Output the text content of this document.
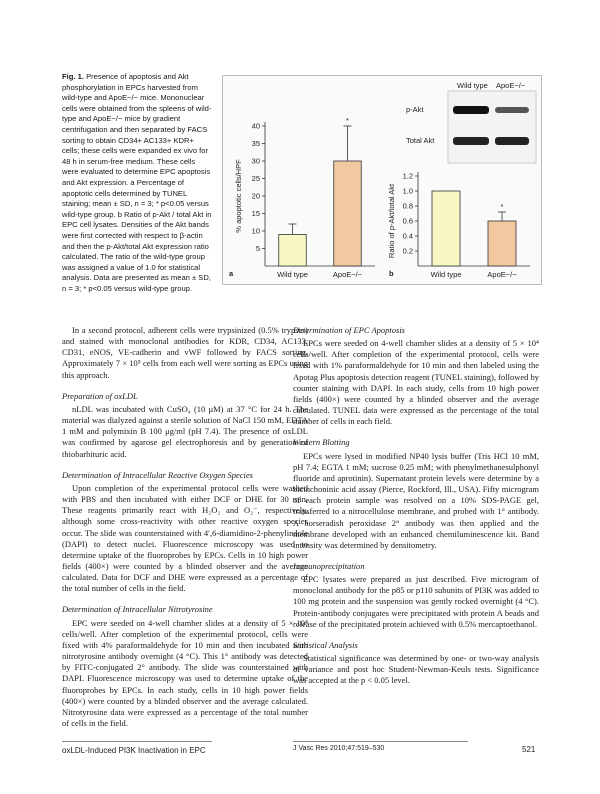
Fig. 1. Presence of apoptosis and Akt phosphorylation in EPCs harvested from wild-type and ApoE−/− mice. Mononuclear cells were obtained from the spleens of wild-type and ApoE−/− mice by gradient centrifugation and then separated by FACS sorting to obtain CD34+ AC133+ KDR+ cells; these cells were expanded ex vivo for 48 h in serum-free medium. These cells were evaluated to determine EPC apoptosis and Akt expression. a Percentage of apoptotic cells determined by TUNEL staining; mean ± SD, n = 3; * p<0.05 versus wild-type group. b Ratio of p-Akt / total Akt in EPC cell lysates. Densities of the Akt bands were first corrected with respect to β-actin and then the p-Akt/total Akt expression ratio calculated. The ratio of the wild-type group was assigned a value of 1.0 for statistical analysis. Data are presented as mean ± SD, n = 3; * p<0.05 versus wild-type group.
5
10
15
20
25
30
35
40
% apoptotic cells/HPF
Wild type
*
ApoE−/−
0.2
0.4
0.6
0.8
1.0
1.2
Ratio of p-Akt/total Akt
Wild type
*
ApoE−/−
Wild type ApoE−/−
p-Akt
Total Akt
a	b

In a second protocol, adherent cells were trypsinized (0.5% trypsin) and stained with monoclonal antibodies for KDR, CD34, AC133, CD31, eNOS, VE-cadherin and vWF followed by FACS sorting. Approximately 7 × 10⁵ cells from each well were sorting as EPCs using this approach.

Preparation of oxLDL

nLDL was incubated with CuSO₄ (10 μM) at 37 °C for 24 h. The material was dialyzed against a sterile solution of NaCl 150 mM, EDTA 1 mM and polymixin B 100 μg/ml (pH 7.4). The presence of oxLDL was confirmed by agarose gel electrophoresis and by generation of thiobarbituric acid.

Determination of Intracellular Reactive Oxygen Species

Upon completion of the experimental protocol cells were washed with PBS and then incubated with either DCF or DHE for 30 min. These reagents primarily react with H₂O₂ and O₂⁻, respectively, although some cross-reactivity with other reactive oxygen species occur. The slide was counterstained with 4′,6-diamidino-2-phenylindole (DAPI) to detect nuclei. Fluorescence microscopy was used to determine uptake of the fluoroprobes by EPCs. Cells in 10 high power fields (400×) were counted by a blinded observer and the average calculated. Data for DCF and DHE were expressed as a percentage of the total number of cells in the field.

Determination of Intracellular Nitrotyrosine

EPC were seeded on 4-well chamber slides at a density of 5 × 10⁴ cells/well. After completion of the experimental protocol, cells were fixed with 4% paraformaldehyde for 10 min and then incubated with nitrotyrosine antibody overnight (4 °C). This 1° antibody was detected by FITC-conjugated 2° antibody. The slide was counterstained with DAPI. Fluorescence microscopy was used to determine uptake of the fluoroprobes by EPCs. In each study, cells in 10 high power fields (400×) were counted by a blinded observer and the average calculated. Nitrotyrosine data were expressed as a percentage of the total number of cells in the field.

Determination of EPC Apoptosis

EPCs were seeded on 4-well chamber slides at a density of 5 × 10⁴ cells/well. After completion of the experimental protocol, cells were fixed with 1% paraformaldehyde for 10 min and then labeled using the Apotag Plus apoptosis detection reagent (TUNEL staining), followed by counter staining with DAPI. In each study, cells from 10 high power fields (400×) were counted by a blinded observer and the average calculated. TUNEL data were expressed as the percentage of the total number of cells in each field.

Western Blotting

EPCs were lysed in modified NP40 lysis buffer (Tris HCl 10 mM, pH 7.4; EGTA 1 mM; sucrose 0.25 mM; with phenylmethanesulphonyl fluoride and aprotinin). Supernatant protein levels were determine by a bicinchoninic acid assay (Pierce, Rockford, Ill., USA). Fifty microgram of each protein sample was resolved on a 10% SDS-PAGE gel, transferred to a nitrocellulose membrane, and probed with 1° antibody. A horseradish peroxidase 2° antibody was then applied and the membrane developed with an enhanced chemiluminescence kit. Band intensity was determined by densitometry.

Immunoprecipitation

EPC lysates were prepared as just described. Five microgram of monoclonal antibody for the p85 or p110 subunits of PI3K was added to 100 mg protein and the suspension was gently rocked overnight (4 °C). Protein-antibody conjugates were precipitated with protein A beads and release of the precipitated protein achieved with 0.5% mercaptoethanol.

Statistical Analysis

Statistical significance was determined by one- or two-way analysis of variance and post hoc Student-Newman-Keuls tests. Significance was accepted at the p < 0.05 level.

oxLDL-Induced PI3K Inactivation in EPC	J Vasc Res 2010;47:519–530	521
